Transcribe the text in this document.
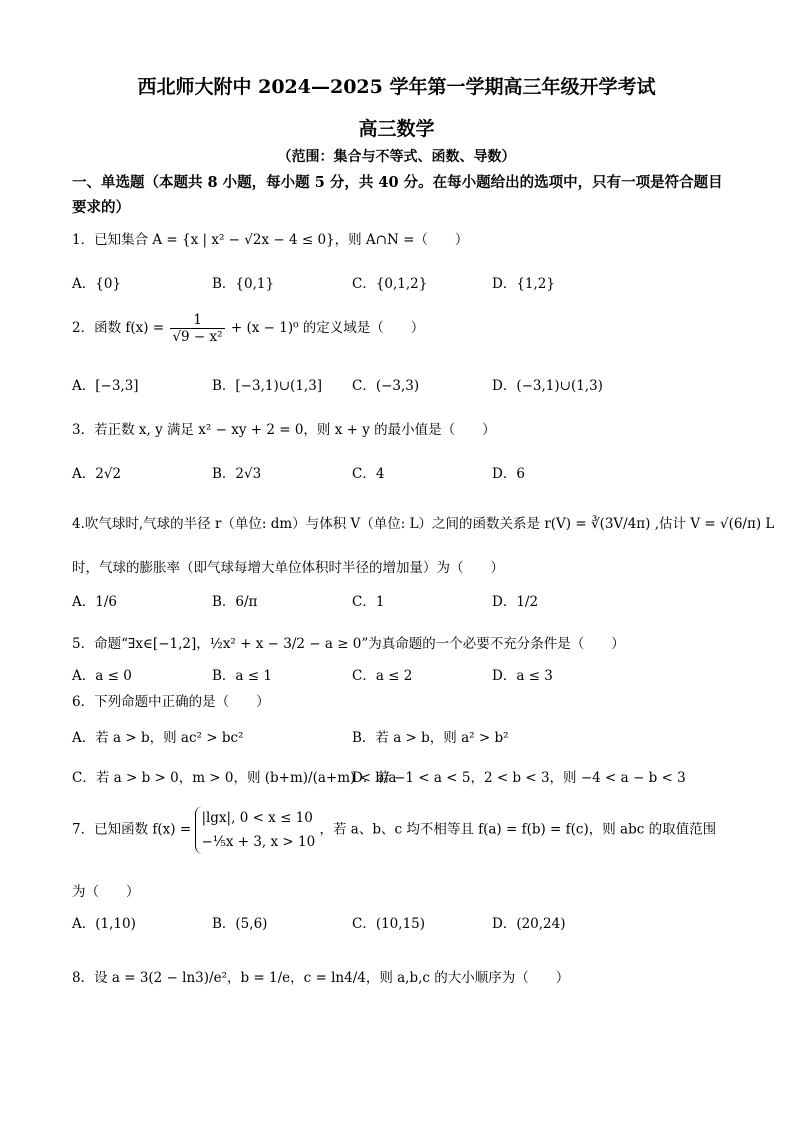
西北师大附中 2024—2025 学年第一学期高三年级开学考试
高三数学
（范围：集合与不等式、函数、导数）
一、单选题（本题共 8 小题，每小题 5 分，共 40 分。在每小题给出的选项中，只有一项是符合题目要求的）
1．已知集合 A = {x | x² − √2x − 4 ≤ 0}，则 A∩N =（　　）
A．{0}	B．{0,1}	C．{0,1,2}	D．{1,2}
2．函数 $f(x) = \frac{1}{\text{√9 − x²}} + (x - 1)^0$ 的定义域是（　　）
A．[−3,3]	B．[−3,1)∪(1,3] C．(−3,3)	D．(−3,1)∪(1,3)
3．若正数 x, y 满足 x² − xy + 2 = 0，则 x + y 的最小值是（　　）
A．2√2	B．2√3	C．4	D．6
4.吹气球时,气球的半径 r（单位: dm）与体积 V（单位: L）之间的函数关系是 r(V) = ∛(3V/4π) ,估计 V = √(6/π) L
时，气球的膨胀率（即气球每增大单位体积时半径的增加量）为（　　）
A．1/6	B．6/π	C．1	D．1/2
5．命题“∃x∈[−1,2]，½x² + x − 3/2 − a ≥ 0”为真命题的一个必要不充分条件是（　　）
A．a ≤ 0	B．a ≤ 1	C．a ≤ 2	D．a ≤ 3
6．下列命题中正确的是（　　）
A．若 a > b，则 ac² > bc²	B．若 a > b，则 a² > b²
C．若 a > b > 0，m > 0，则 (b+m)/(a+m) < b/a
D．若 −1 < a < 5，2 < b < 3，则 −4 < a − b < 3
7．已知函数 f(x) =
|lgx|, 0 < x ≤ 10
−⅕x + 3, x > 10
，若 a、b、c 均不相等且 f(a) = f(b) = f(c)，则 abc 的取值范围
为（　　）
A．(1,10)	B．(5,6)	C．(10,15)	D．(20,24)
8．设 a = 3(2 − ln3)/e²，b = 1/e，c = ln4/4，则 a,b,c 的大小顺序为（　　）
